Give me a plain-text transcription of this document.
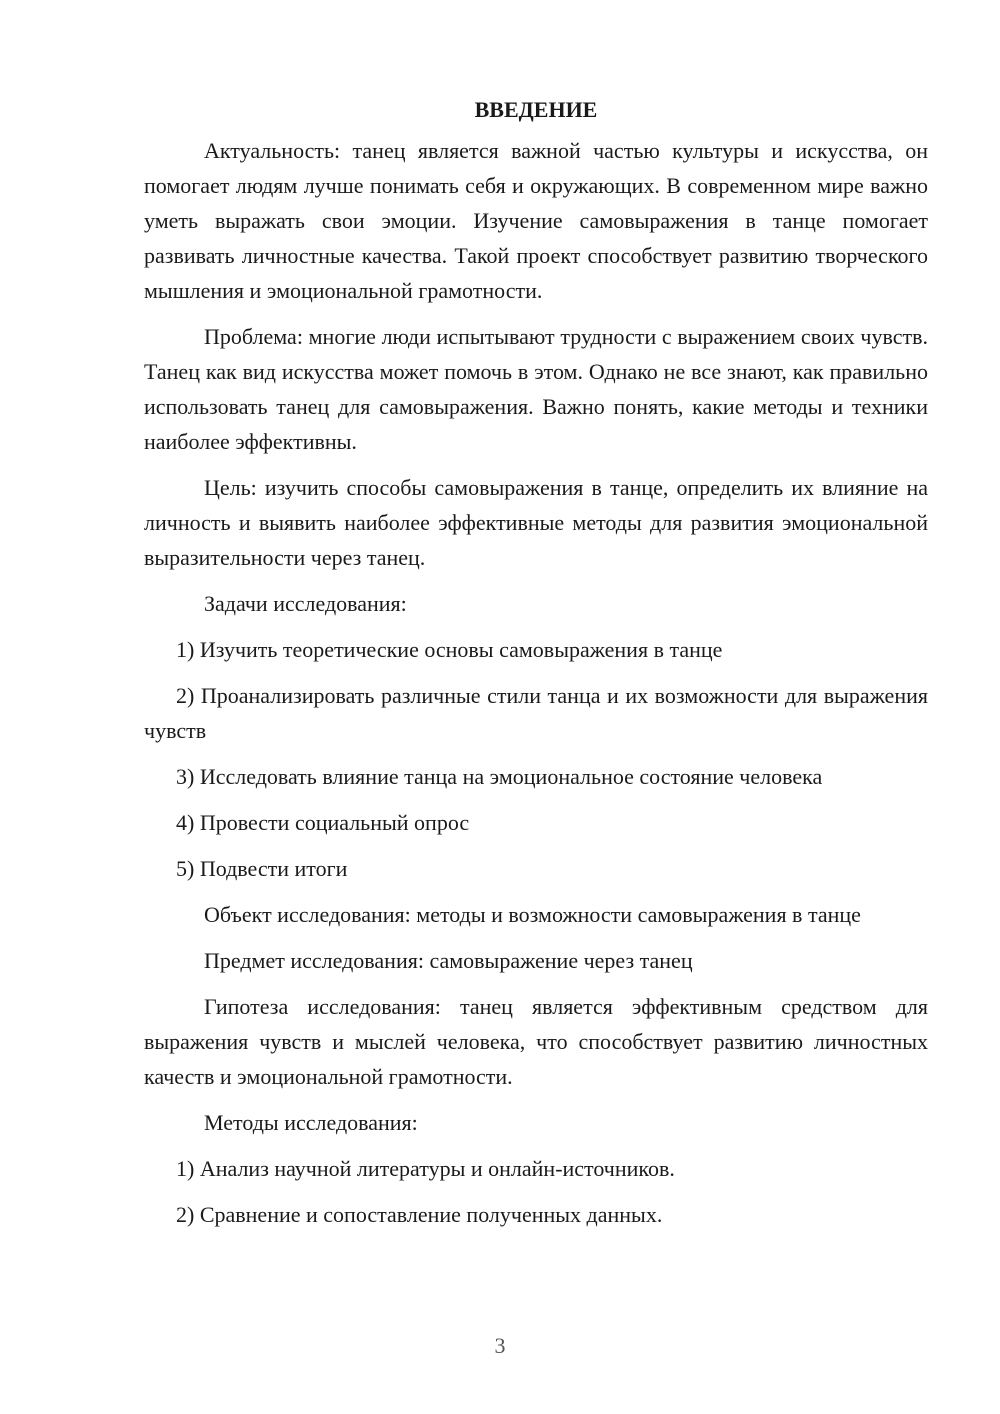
ВВЕДЕНИЕ

Актуальность: танец является важной частью культуры и искусства, он помогает людям лучше понимать себя и окружающих. В современном мире важно уметь выражать свои эмоции. Изучение самовыражения в танце помогает развивать личностные качества. Такой проект способствует развитию творческого мышления и эмоциональной грамотности.

Проблема: многие люди испытывают трудности с выражением своих чувств. Танец как вид искусства может помочь в этом. Однако не все знают, как правильно использовать танец для самовыражения. Важно понять, какие методы и техники наиболее эффективны.

Цель: изучить способы самовыражения в танце, определить их влияние на личность и выявить наиболее эффективные методы для развития эмоциональной выразительности через танец.

Задачи исследования:

1) Изучить теоретические основы самовыражения в танце

2) Проанализировать различные стили танца и их возможности для выражения чувств

3) Исследовать влияние танца на эмоциональное состояние человека

4) Провести социальный опрос

5) Подвести итоги

Объект исследования: методы и возможности самовыражения в танце

Предмет исследования: самовыражение через танец

Гипотеза исследования: танец является эффективным средством для выражения чувств и мыслей человека, что способствует развитию личностных качеств и эмоциональной грамотности.

Методы исследования:

1) Анализ научной литературы и онлайн-источников.

2) Сравнение и сопоставление полученных данных.

3
